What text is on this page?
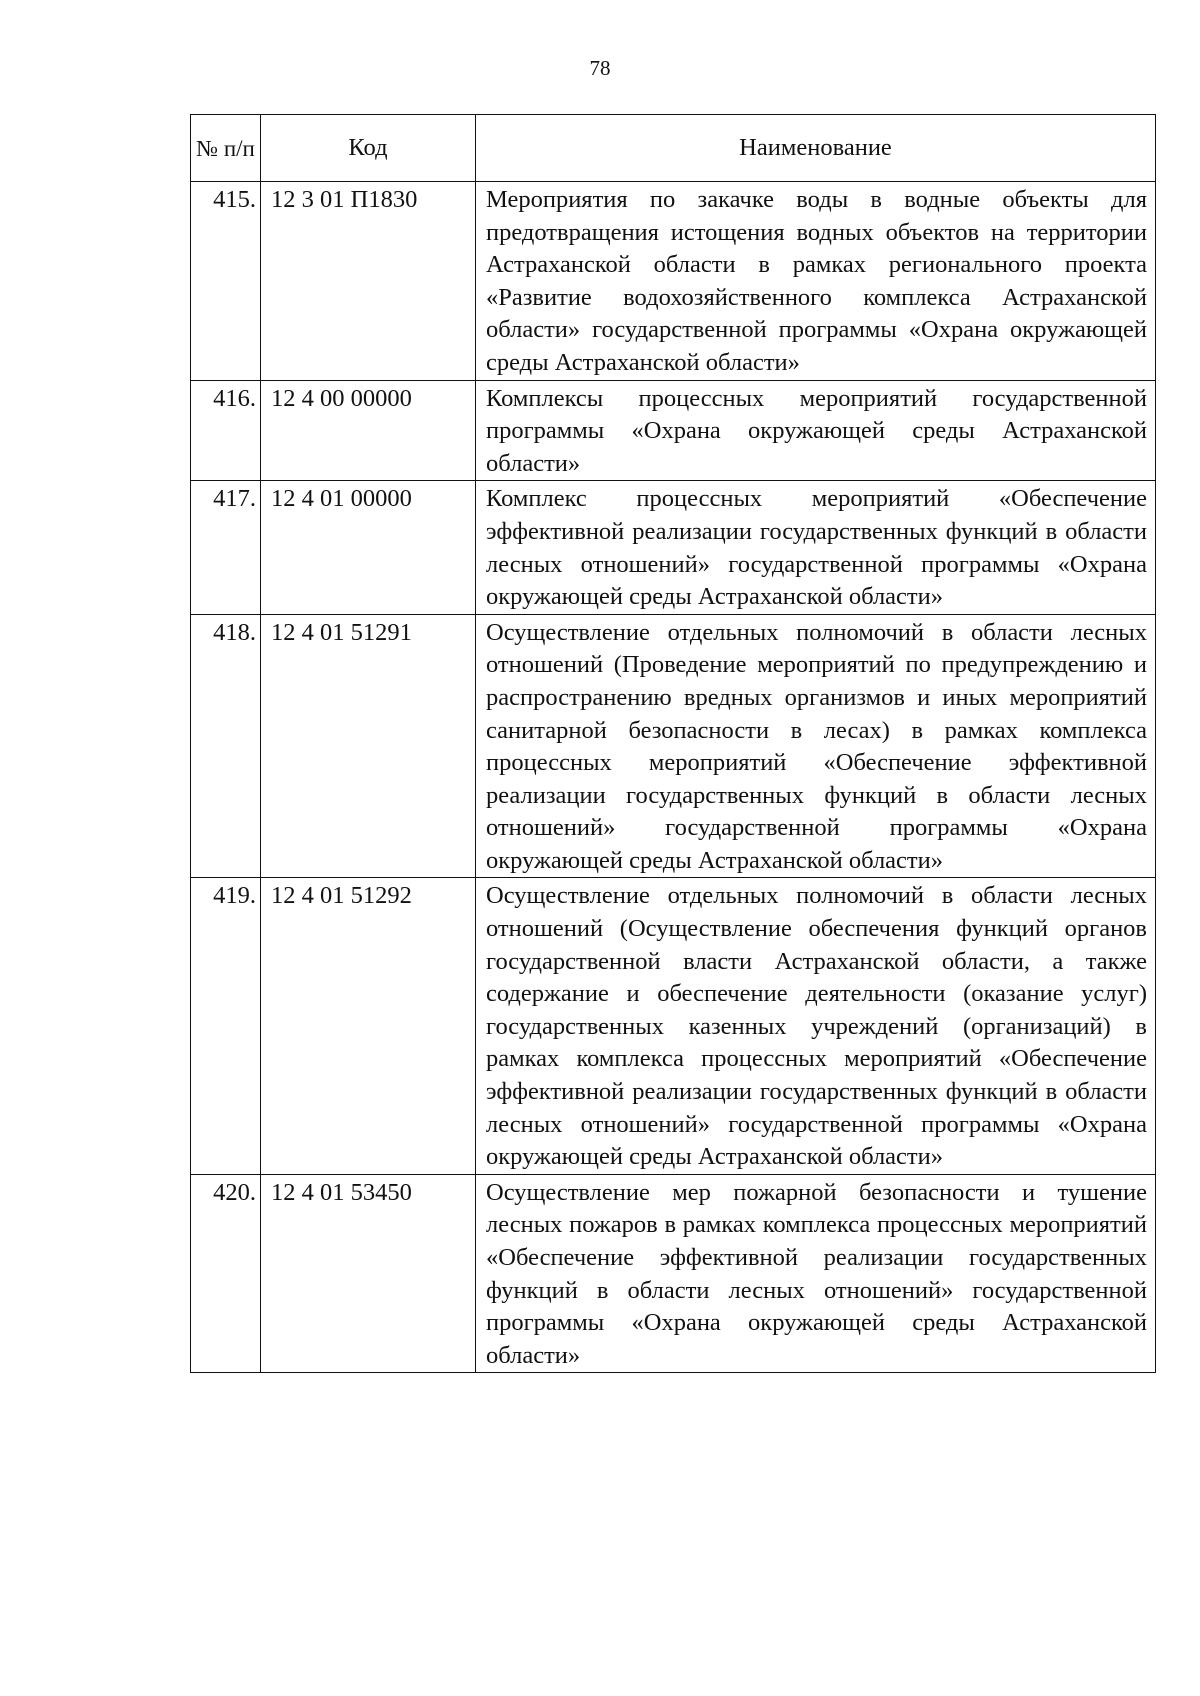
78
№ п/п	Код	Наименование
415.	12 3 01 П1830	Мероприятия по закачке воды в водные объекты для предотвращения истощения водных объектов на территории Астраханской области в рамках регионального проекта «Развитие водохозяйственного комплекса Астраханской области» государственной программы «Охрана окружающей среды Астраханской области»
416.	12 4 00 00000	Комплексы процессных мероприятий государственной программы «Охрана окружающей среды Астраханской области»
417.	12 4 01 00000	Комплекс процессных мероприятий «Обеспечение эффективной реализации государственных функций в области лесных отношений» государственной программы «Охрана окружающей среды Астраханской области»
418.	12 4 01 51291	Осуществление отдельных полномочий в области лесных отношений (Проведение мероприятий по предупреждению и распространению вредных организмов и иных мероприятий санитарной безопасности в лесах) в рамках комплекса процессных мероприятий «Обеспечение эффективной реализации государственных функций в области лесных отношений» государственной программы «Охрана окружающей среды Астраханской области»
419.	12 4 01 51292	Осуществление отдельных полномочий в области лесных отношений (Осуществление обеспечения функций органов государственной власти Астраханской области, а также содержание и обеспечение деятельности (оказание услуг) государственных казенных учреждений (организаций) в рамках комплекса процессных мероприятий «Обеспечение эффективной реализации государственных функций в области лесных отношений» государственной программы «Охрана окружающей среды Астраханской области»
420.	12 4 01 53450	Осуществление мер пожарной безопасности и тушение лесных пожаров в рамках комплекса процессных мероприятий «Обеспечение эффективной реализации государственных функций в области лесных отношений» государственной программы «Охрана окружающей среды Астраханской области»
